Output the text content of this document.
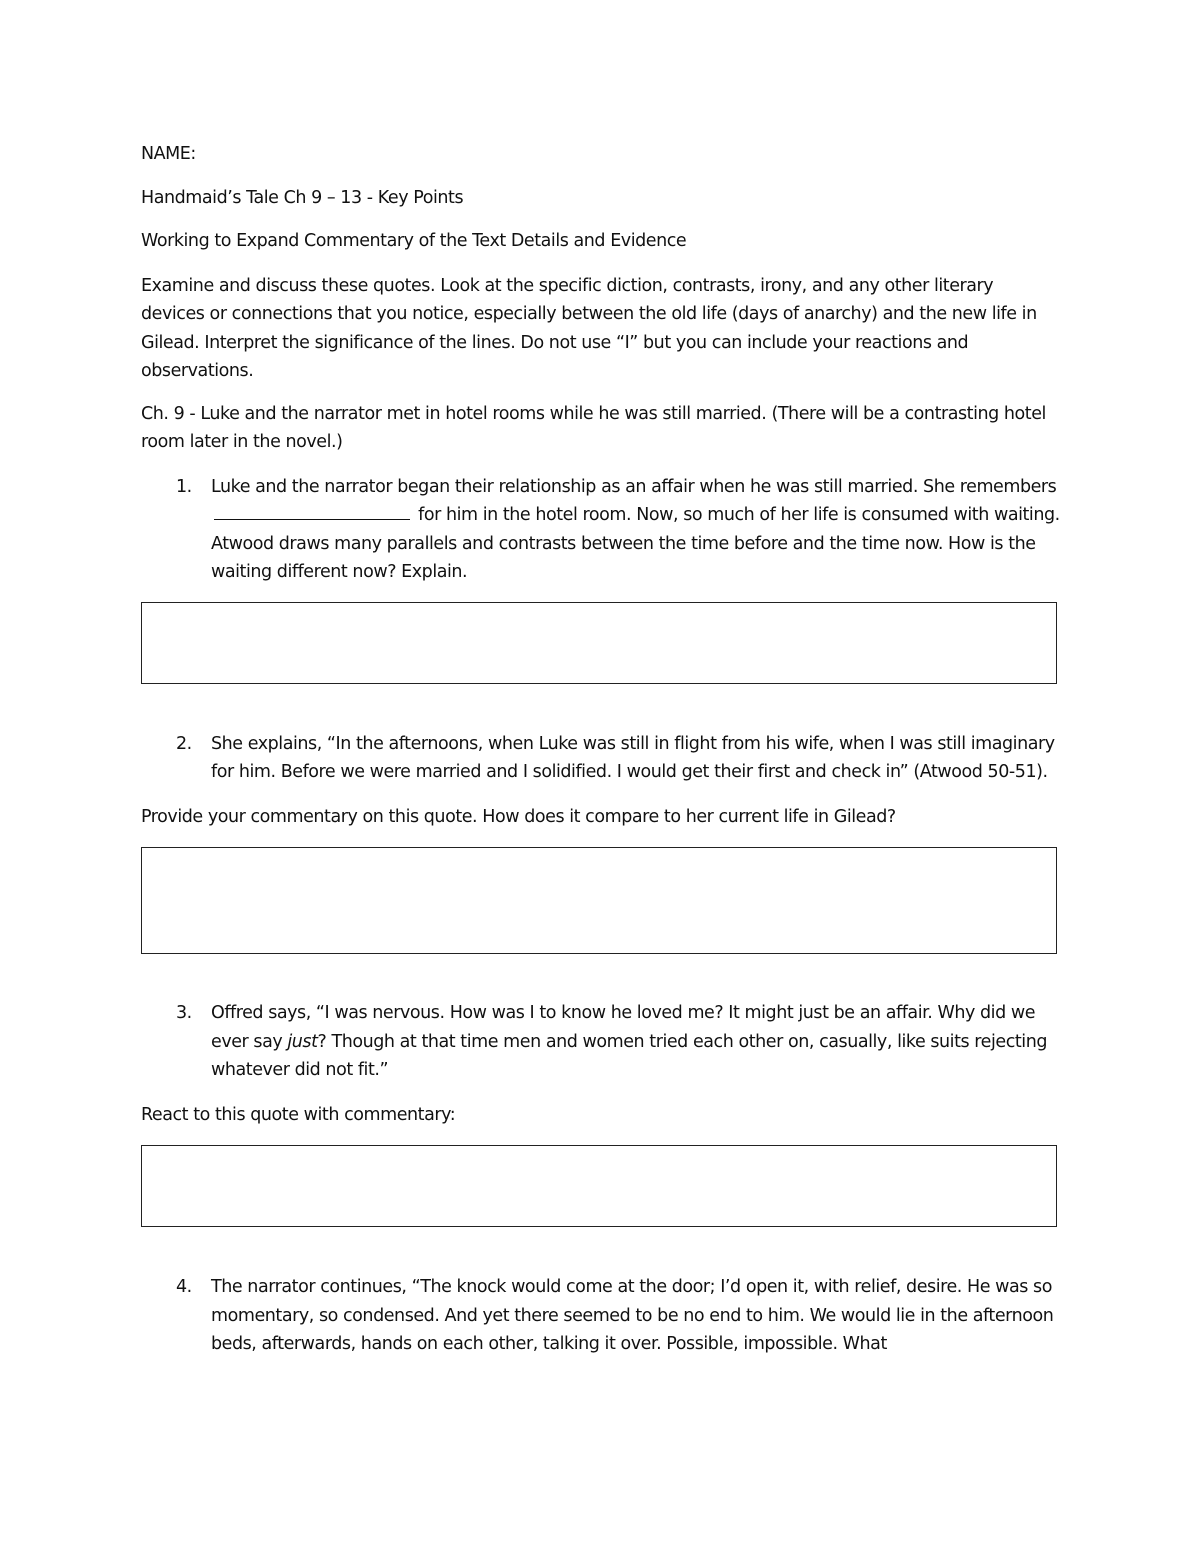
NAME:

Handmaid’s Tale Ch 9 – 13 - Key Points

Working to Expand Commentary of the Text Details and Evidence

Examine and discuss these quotes. Look at the specific diction, contrasts, irony, and any other literary devices or connections that you notice, especially between the old life (days of anarchy) and the new life in Gilead. Interpret the significance of the lines. Do not use “I” but you can include your reactions and observations.

Ch. 9 - Luke and the narrator met in hotel rooms while he was still married. (There will be a contrasting hotel room later in the novel.)

1.	Luke and the narrator began their relationship as an affair when he was still married. She remembers  for him in the hotel room. Now, so much of her life is consumed with waiting. Atwood draws many parallels and contrasts between the time before and the time now. How is the waiting different now? Explain.
2.	She explains, “In the afternoons, when Luke was still in flight from his wife, when I was still imaginary for him. Before we were married and I solidified. I would get their first and check in” (Atwood 50-51).

Provide your commentary on this quote. How does it compare to her current life in Gilead?

3.	Offred says, “I was nervous. How was I to know he loved me? It might just be an affair. Why did we ever say just? Though at that time men and women tried each other on, casually, like suits rejecting whatever did not fit.”

React to this quote with commentary:

4.	The narrator continues, “The knock would come at the door; I’d open it, with relief, desire. He was so momentary, so condensed. And yet there seemed to be no end to him. We would lie in the afternoon beds, afterwards, hands on each other, talking it over. Possible, impossible. What
